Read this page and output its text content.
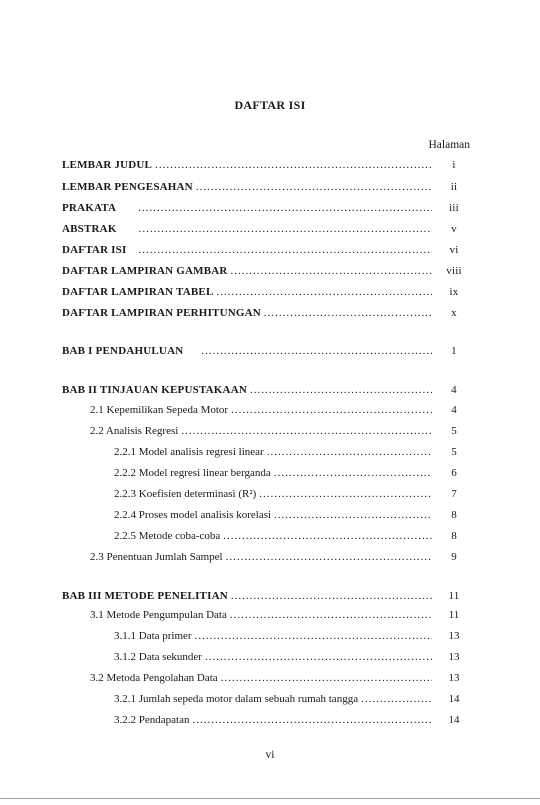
DAFTAR ISI
Halaman
LEMBAR JUDUL .....	i
LEMBAR PENGESAHAN .....	ii
PRAKATA .....	iii
ABSTRAK .....	v
DAFTAR ISI .....	vi
DAFTAR LAMPIRAN GAMBAR .....	viii
DAFTAR LAMPIRAN TABEL .....	ix
DAFTAR LAMPIRAN PERHITUNGAN .....	x
BAB I PENDAHULUAN .....	1
BAB II TINJAUAN KEPUSTAKAAN .....	4
2.1 Kepemilikan Sepeda Motor .....	4
2.2 Analisis Regresi .....	5
2.2.1 Model analisis regresi linear .....	5
2.2.2 Model regresi linear berganda .....	6
2.2.3 Koefisien determinasi (R²) .....	7
2.2.4 Proses model analisis korelasi .....	8
2.2.5 Metode coba-coba .....	8
2.3 Penentuan Jumlah Sampel .....	9
BAB III METODE PENELITIAN .....	11
3.1 Metode Pengumpulan Data .....	11
3.1.1 Data primer .....	13
3.1.2 Data sekunder .....	13
3.2 Metoda Pengolahan Data .....	13
3.2.1 Jumlah sepeda motor dalam sebuah rumah tangga .....	14
3.2.2 Pendapatan .....	14
vi
